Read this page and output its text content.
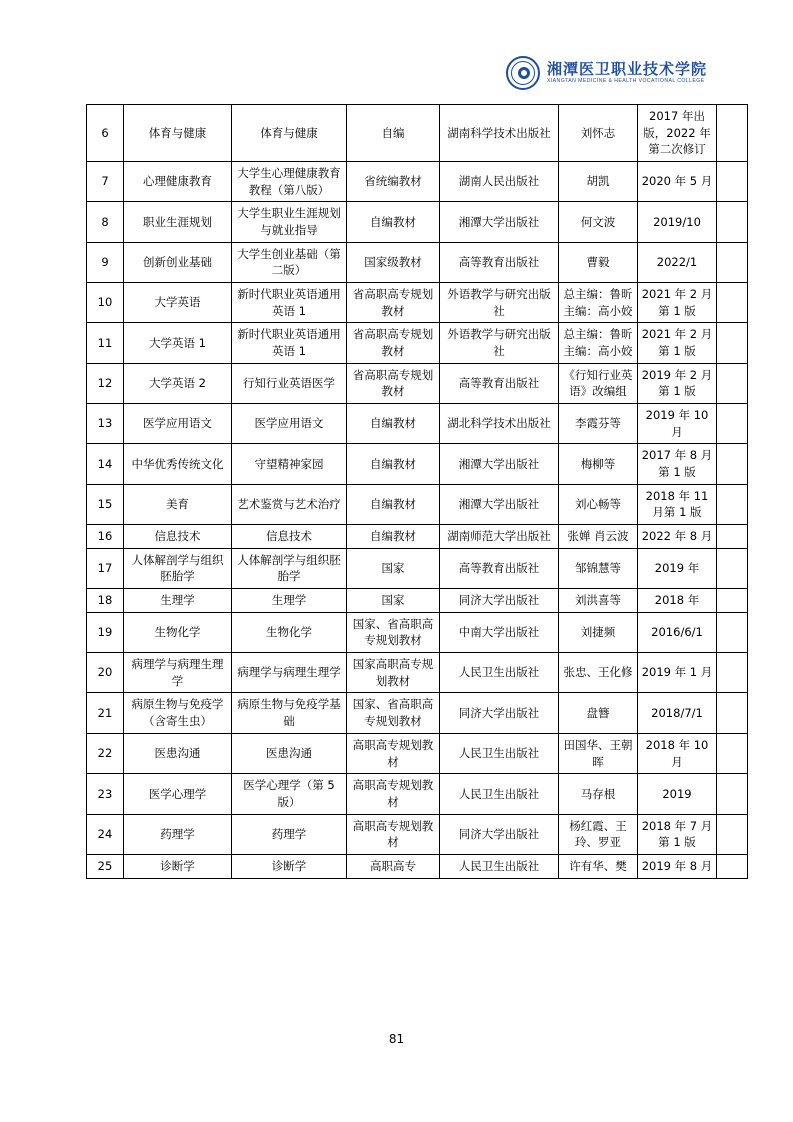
湘潭医卫职业技术学院
XIANGTAN MEDICINE & HEALTH VOCATIONAL COLLEGE
6	体育与健康	体育与健康	自编	湖南科学技术出版社	刘怀志	2017 年出版，2022 年第二次修订	
7	心理健康教育	大学生心理健康教育教程（第八版）	省统编教材	湖南人民出版社	胡凯	2020 年 5 月	
8	职业生涯规划	大学生职业生涯规划与就业指导	自编教材	湘潭大学出版社	何文波	2019/10	
9	创新创业基础	大学生创业基础（第二版）	国家级教材	高等教育出版社	曹毅	2022/1	
10	大学英语	新时代职业英语通用英语 1	省高职高专规划教材	外语教学与研究出版社	总主编：鲁昕 主编：高小姣	2021 年 2 月第 1 版	
11	大学英语 1	新时代职业英语通用英语 1	省高职高专规划教材	外语教学与研究出版社	总主编：鲁昕 主编：高小姣	2021 年 2 月第 1 版	
12	大学英语 2	行知行业英语医学	省高职高专规划教材	高等教育出版社	《行知行业英语》改编组	2019 年 2 月第 1 版	
13	医学应用语文	医学应用语文	自编教材	湖北科学技术出版社	李霞芬等	2019 年 10 月	
14	中华优秀传统文化	守望精神家园	自编教材	湘潭大学出版社	梅柳等	2017 年 8 月第 1 版	
15	美育	艺术鉴赏与艺术治疗	自编教材	湘潭大学出版社	刘心畅等	2018 年 11 月第 1 版	
16	信息技术	信息技术	自编教材	湖南师范大学出版社	张婵 肖云波	2022 年 8 月	
17	人体解剖学与组织胚胎学	人体解剖学与组织胚胎学	国家	高等教育出版社	邹锦慧等	2019 年	
18	生理学	生理学	国家	同济大学出版社	刘洪喜等	2018 年	
19	生物化学	生物化学	国家、省高职高专规划教材	中南大学出版社	刘捷频	2016/6/1	
20	病理学与病理生理学	病理学与病理生理学	国家高职高专规划教材	人民卫生出版社	张忠、王化修	2019 年 1 月	
21	病原生物与免疫学（含寄生虫）	病原生物与免疫学基础	国家、省高职高专规划教材	同济大学出版社	盘簪	2018/7/1	
22	医患沟通	医患沟通	高职高专规划教材	人民卫生出版社	田国华、王朝晖	2018 年 10 月	
23	医学心理学	医学心理学（第 5 版）	高职高专规划教材	人民卫生出版社	马存根	2019	
24	药理学	药理学	高职高专规划教材	同济大学出版社	杨红霞、王玲、罗亚	2018 年 7 月第 1 版	
25	诊断学	诊断学	高职高专	人民卫生出版社	许有华、樊	2019 年 8 月	
81
